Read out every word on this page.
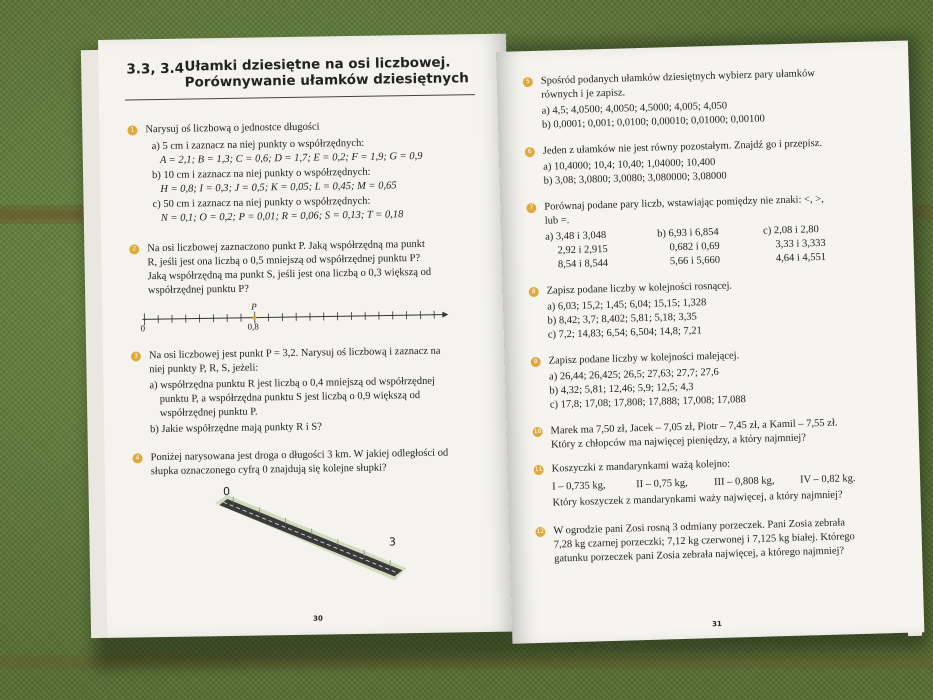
3.3, 3.4 Ułamki dziesiętne na osi liczbowej.
Porównywanie ułamków dziesiętnych
1 Narysuj oś liczbową o jednostce długości
a) 5 cm i zaznacz na niej punkty o współrzędnych:
A = 2,1; B = 1,3; C = 0,6; D = 1,7; E = 0,2; F = 1,9; G = 0,9
b) 10 cm i zaznacz na niej punkty o współrzędnych:
H = 0,8; I = 0,3; J = 0,5; K = 0,05; L = 0,45; M = 0,65
c) 50 cm i zaznacz na niej punkty o współrzędnych:
N = 0,1; O = 0,2; P = 0,01; R = 0,06; S = 0,13; T = 0,18
2 Na osi liczbowej zaznaczono punkt P. Jaką współrzędną ma punkt
R, jeśli jest ona liczbą o 0,5 mniejszą od współrzędnej punktu P?
Jaką współrzędną ma punkt S, jeśli jest ona liczbą o 0,3 większą od
współrzędnej punktu P?
P
0	0,8
3 Na osi liczbowej jest punkt P = 3,2. Narysuj oś liczbową i zaznacz na
niej punkty P, R, S, jeżeli:
a) współrzędna punktu R jest liczbą o 0,4 mniejszą od współrzędnej
punktu P, a współrzędna punktu S jest liczbą o 0,9 większą od
współrzędnej punktu P.
b) Jakie współrzędne mają punkty R i S?
4 Poniżej narysowana jest droga o długości 3 km. W jakiej odległości od
słupka oznaczonego cyfrą 0 znajdują się kolejne słupki?
0
3
30
5 Spośród podanych ułamków dziesiętnych wybierz pary ułamków
równych i je zapisz.
a) 4,5; 4,0500; 4,0050; 4,5000; 4,005; 4,050
b) 0,0001; 0,001; 0,0100; 0,00010; 0,01000; 0,00100
6 Jeden z ułamków nie jest równy pozostałym. Znajdź go i przepisz.
a) 10,4000; 10,4; 10,40; 1,04000; 10,400
b) 3,08; 3,0800; 3,0080; 3,080000; 3,08000
7 Porównaj podane pary liczb, wstawiając pomiędzy nie znaki: <, >,
lub =.
a) 3,48 i 3,048
2,92 i 2,915
8,54 i 8,544
b) 6,93 i 6,854
0,682 i 0,69
5,66 i 5,660
c) 2,08 i 2,80
3,33 i 3,333
4,64 i 4,551
8 Zapisz podane liczby w kolejności rosnącej.
a) 6,03; 15,2; 1,45; 6,04; 15,15; 1,328
b) 8,42; 3,7; 8,402; 5,81; 5,18; 3,35
c) 7,2; 14,83; 6,54; 6,504; 14,8; 7,21
9 Zapisz podane liczby w kolejności malejącej.
a) 26,44; 26,425; 26,5; 27,63; 27,7; 27,6
b) 4,32; 5,81; 12,46; 5,9; 12,5; 4,3
c) 17,8; 17,08; 17,808; 17,888; 17,008; 17,088
10 Marek ma 7,50 zł, Jacek – 7,05 zł, Piotr – 7,45 zł, a Kamil – 7,55 zł.
Który z chłopców ma najwięcej pieniędzy, a który najmniej?
11 Koszyczki z mandarynkami ważą kolejno:
I – 0,735 kg,	II – 0,75 kg, III – 0,808 kg, IV – 0,82 kg.
Który koszyczek z mandarynkami waży najwięcej, a który najmniej?
12 W ogrodzie pani Zosi rosną 3 odmiany porzeczek. Pani Zosia zebrała
7,28 kg czarnej porzeczki; 7,12 kg czerwonej i 7,125 kg białej. Którego
gatunku porzeczek pani Zosia zebrała najwięcej, a którego najmniej?
31
